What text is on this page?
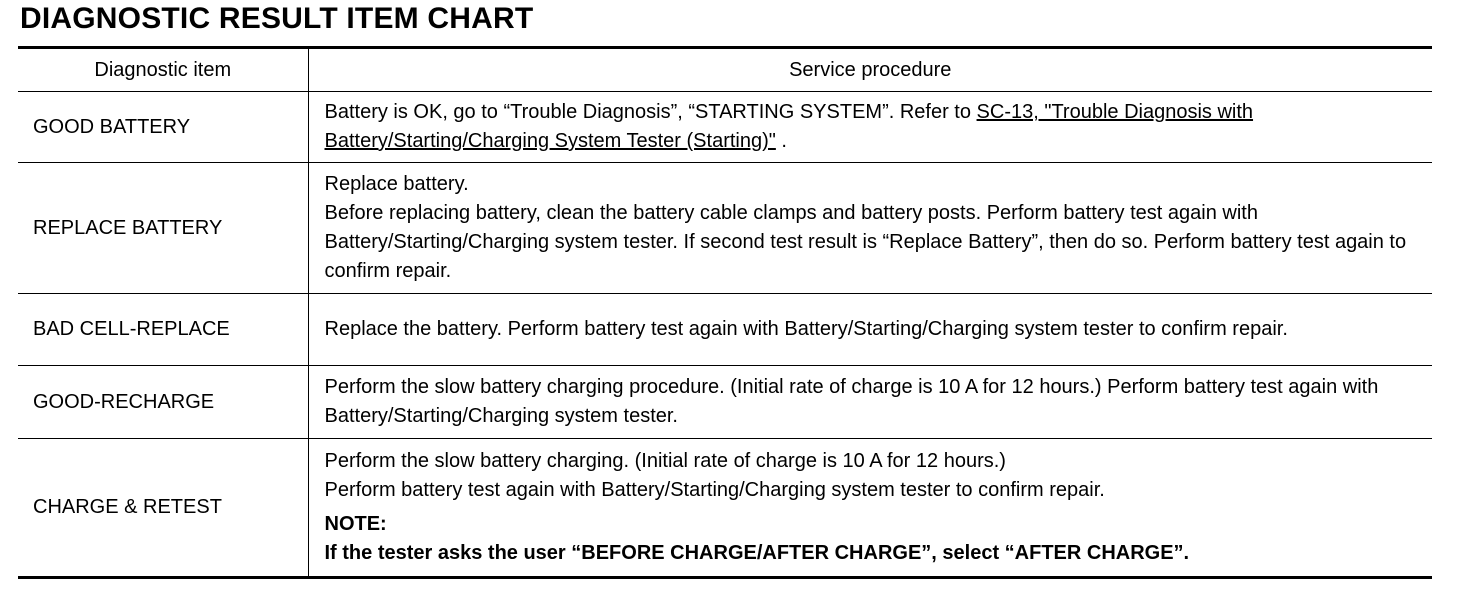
DIAGNOSTIC RESULT ITEM CHART
Diagnostic item	Service procedure
GOOD BATTERY	Battery is OK, go to “Trouble Diagnosis”, “STARTING SYSTEM”. Refer to SC-13, "Trouble Diagnosis with Battery/Starting/Charging System Tester (Starting)" .
REPLACE BATTERY	Replace battery.
Before replacing battery, clean the battery cable clamps and battery posts. Perform battery test again with Battery/Starting/Charging system tester. If second test result is “Replace Battery”, then do so. Perform battery test again to confirm repair.

BAD CELL-REPLACE	Replace the battery. Perform battery test again with Battery/Starting/Charging system tester to confirm repair.
GOOD-RECHARGE	Perform the slow battery charging procedure. (Initial rate of charge is 10 A for 12 hours.) Perform battery test again with Battery/Starting/Charging system tester.
CHARGE & RETEST	Perform the slow battery charging. (Initial rate of charge is 10 A for 12 hours.)
Perform battery test again with Battery/Starting/Charging system tester to confirm repair.
NOTE:
If the tester asks the user “BEFORE CHARGE/AFTER CHARGE”, select “AFTER CHARGE”.
